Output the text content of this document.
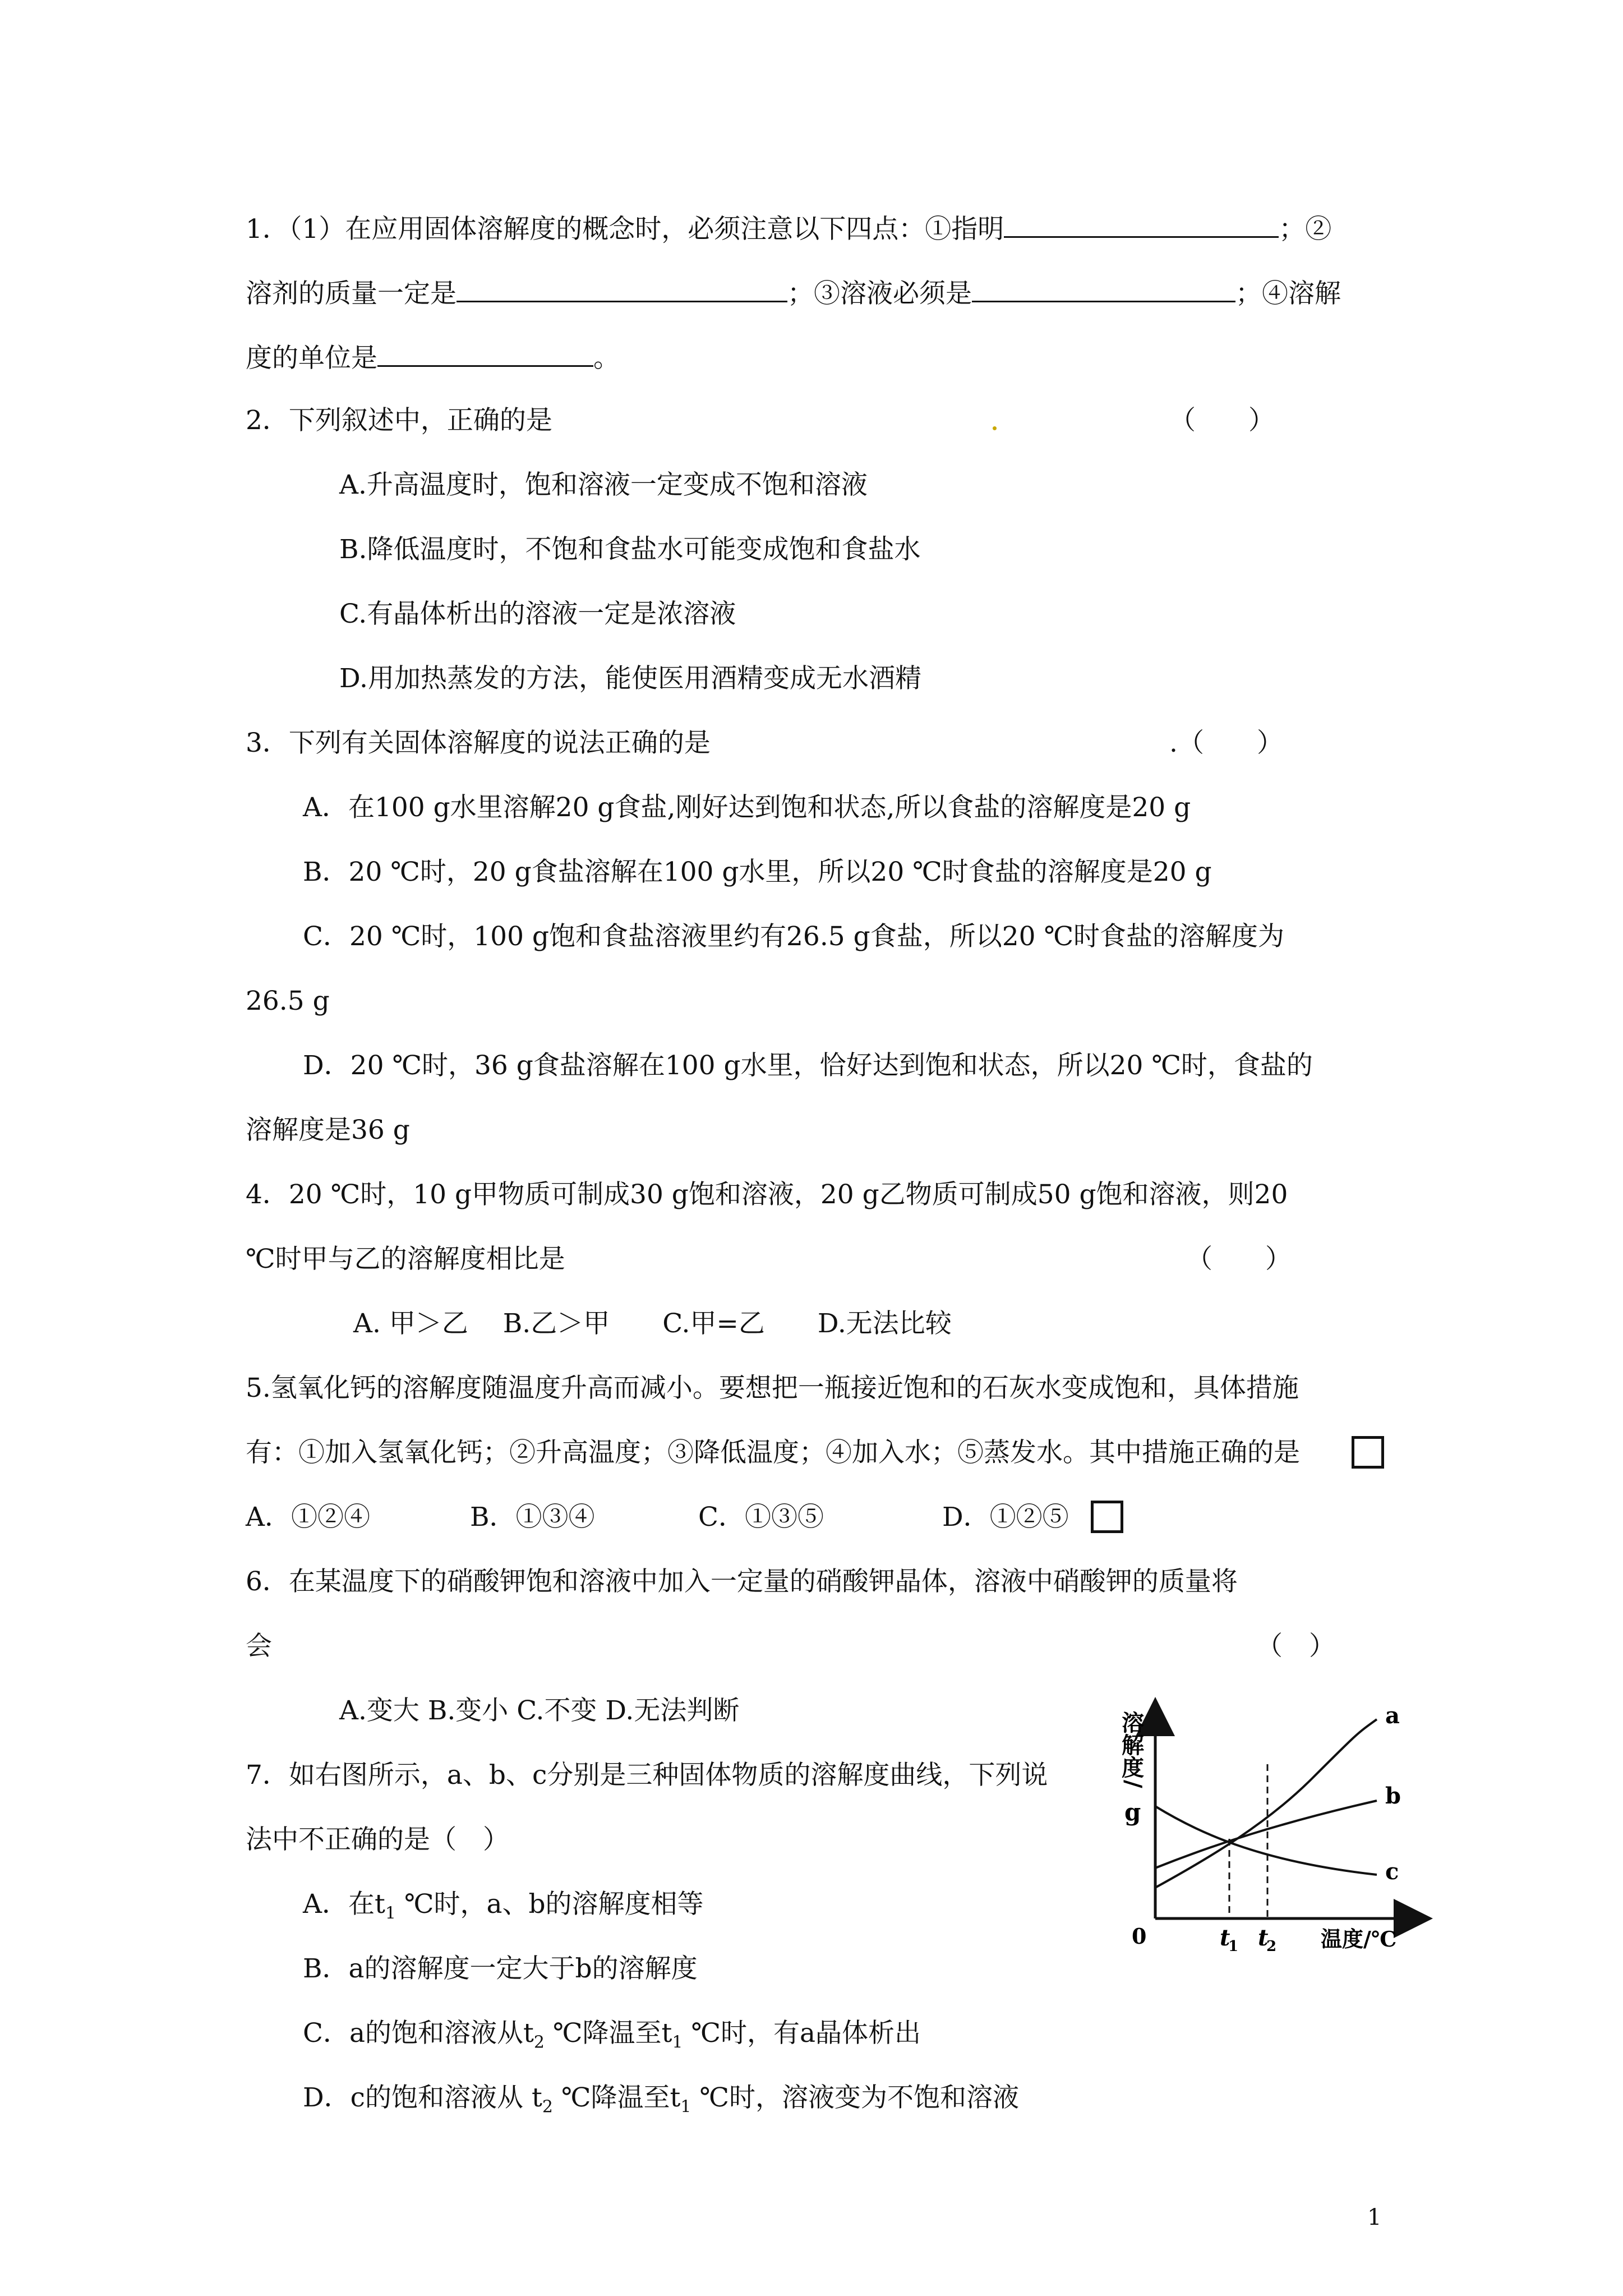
1．（1）在应用固体溶解度的概念时，必须注意以下四点：①指明	；②
溶剂的质量一定是	；③溶液必须是	；④溶解
度的单位是	。
2．下列叙述中，正确的是	（　　）
A.升高温度时，饱和溶液一定变成不饱和溶液
B.降低温度时，不饱和食盐水可能变成饱和食盐水
C.有晶体析出的溶液一定是浓溶液
D.用加热蒸发的方法，能使医用酒精变成无水酒精
3．下列有关固体溶解度的说法正确的是	.（　　）
A．在100 g水里溶解20 g食盐,刚好达到饱和状态,所以食盐的溶解度是20 g
B．20 ℃时，20 g食盐溶解在100 g水里，所以20 ℃时食盐的溶解度是20 g
C．20 ℃时，100 g饱和食盐溶液里约有26.5 g食盐，所以20 ℃时食盐的溶解度为
26.5 g
D．20 ℃时，36 g食盐溶解在100 g水里，恰好达到饱和状态，所以20 ℃时，食盐的
溶解度是36 g
4．20 ℃时，10 g甲物质可制成30 g饱和溶液，20 g乙物质可制成50 g饱和溶液，则20
℃时甲与乙的溶解度相比是	（　　）
A. 甲＞乙　 B.乙＞甲　　C.甲=乙　　D.无法比较
5.氢氧化钙的溶解度随温度升高而减小。要想把一瓶接近饱和的石灰水变成饱和，具体措施
有：①加入氢氧化钙；②升高温度；③降低温度；④加入水；⑤蒸发水。其中措施正确的是
A．①②④	B．①③④	C．①③⑤	D．①②⑤
6．在某温度下的硝酸钾饱和溶液中加入一定量的硝酸钾晶体，溶液中硝酸钾的质量将
会	（　）
A.变大 B.变小 C.不变 D.无法判断
7．如右图所示，a、b、c分别是三种固体物质的溶解度曲线，下列说
法中不正确的是（　）
A．在$t_1$ ℃时，a、b的溶解度相等
B．a的溶解度一定大于b的溶解度
C．a的饱和溶液从$t_2$ ℃降温至$t_1$ ℃时，有a晶体析出
D．c的饱和溶液从 $t_2$ ℃降温至$t_1$ ℃时，溶液变为不饱和溶液
溶
解
度
/
g
a
b
c
0	t
1 t
2 温度/℃
1
